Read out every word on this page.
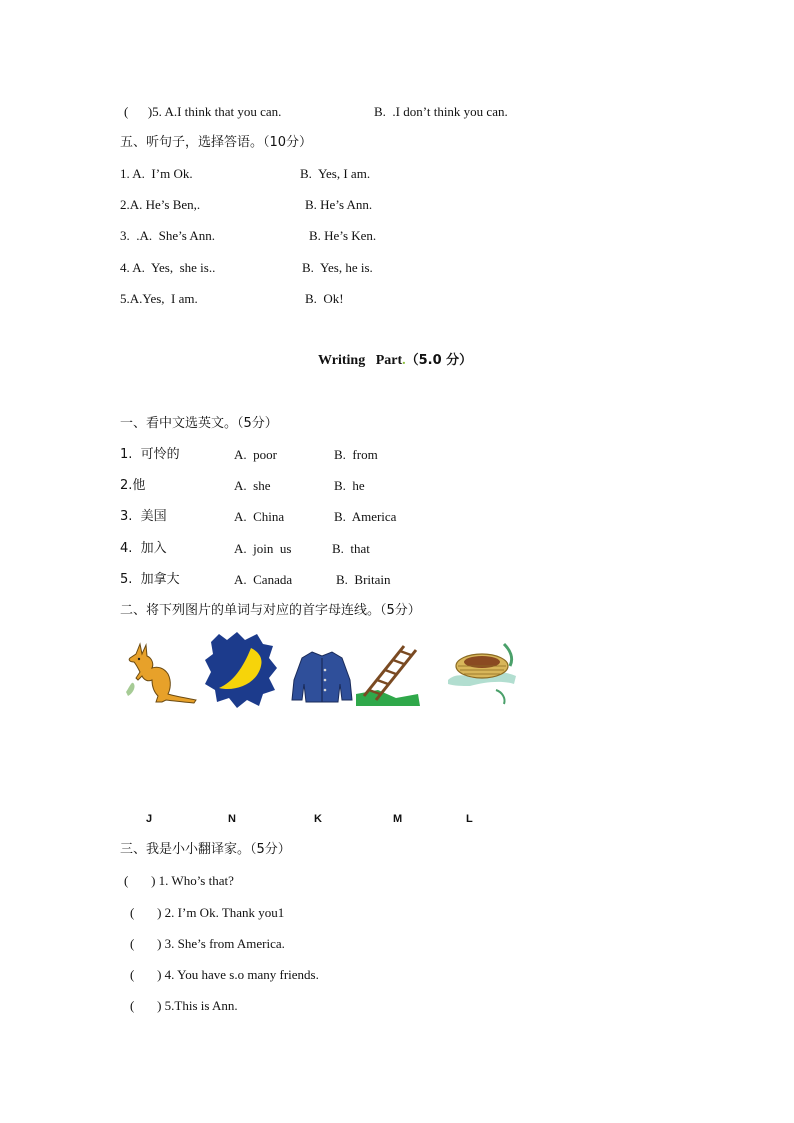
(      )5. A.I think that you can.	B.  .I don’t think you can.
五、听句子，选择答语。（10分）
1. A.  I’m Ok.	B.  Yes, I am.
2.A. He’s Ben,.	B. He’s Ann.
3.  .A.  She’s Ann.	B. He’s Ken.
4. A.  Yes,  she is..	B.  Yes, he is.
5.A.Yes,  I am.	B.  Ok!
Writing   Part.（5.0 分）
一、看中文选英文。（5分）
1.  可怜的	A.  poor	B.  from
2.他	A.  she	B.  he
3.  美国	A.  China	B.  America
4.  加入	A.  join  us	B.  that
5.  加拿大	A.  Canada	B.  Britain
二、将下列图片的单词与对应的首字母连线。（5分）
J	N	K	M	L
三、我是小小翻译家。（5分）
(       ) 1. Who’s that?
(       ) 2. I’m Ok. Thank you1
(       ) 3. She’s from America.
(       ) 4. You have s.o many friends.
(       ) 5.This is Ann.
